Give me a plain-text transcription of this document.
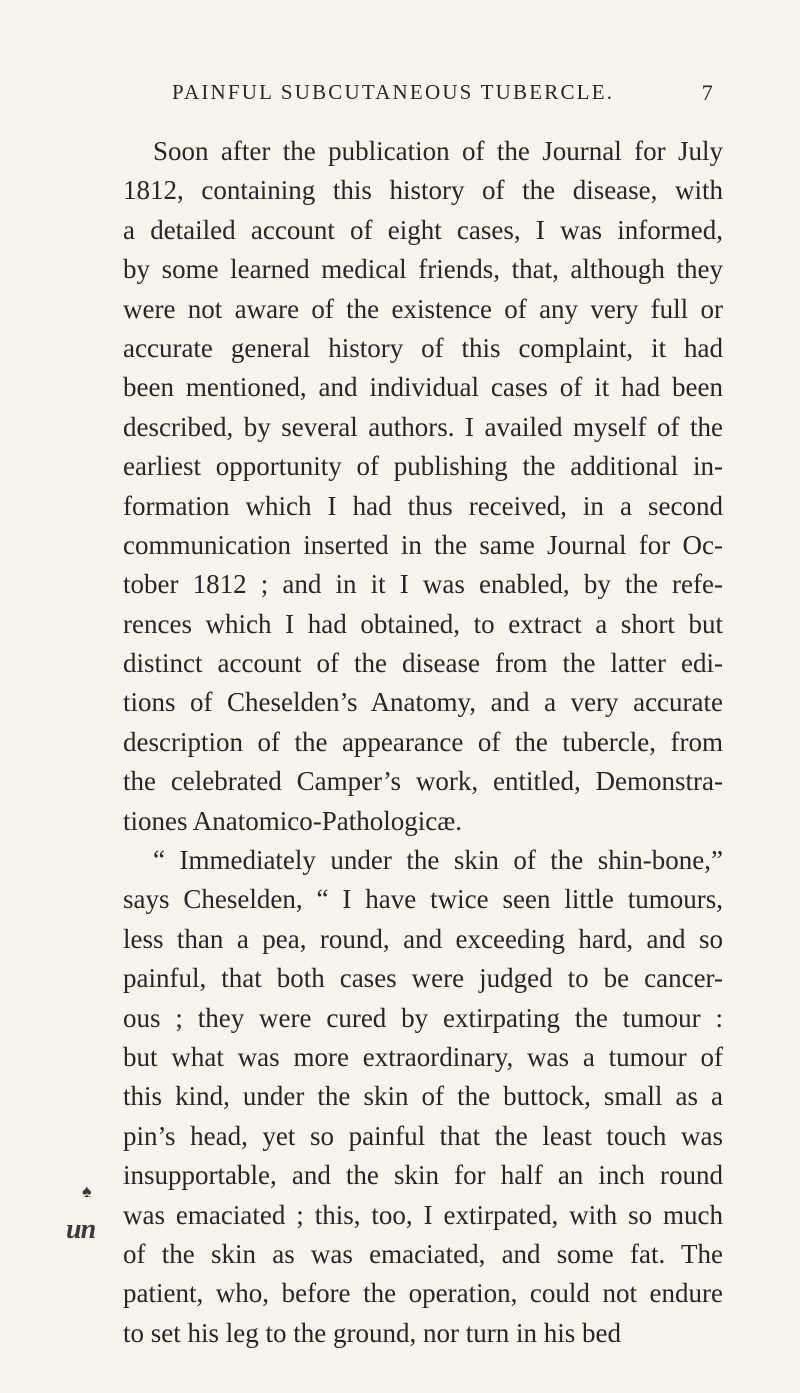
PAINFUL SUBCUTANEOUS TUBERCLE.	7
Soon after the publication of the Journal for July
1812, containing this history of the disease, with
a detailed account of eight cases, I was informed,
by some learned medical friends, that, although they
were not aware of the existence of any very full or
accurate general history of this complaint, it had
been mentioned, and individual cases of it had been
described, by several authors. I availed myself of the
earliest opportunity of publishing the additional in-
formation which I had thus received, in a second
communication inserted in the same Journal for Oc-
tober 1812 ; and in it I was enabled, by the refe-
rences which I had obtained, to extract a short but
distinct account of the disease from the latter edi-
tions of Cheselden’s Anatomy, and a very accurate
description of the appearance of the tubercle, from
the celebrated Camper’s work, entitled, Demonstra-
tiones Anatomico-Pathologicæ.
“ Immediately under the skin of the shin-bone,”
says Cheselden, “ I have twice seen little tumours,
less than a pea, round, and exceeding hard, and so
painful, that both cases were judged to be cancer-
ous ; they were cured by extirpating the tumour :
but what was more extraordinary, was a tumour of
this kind, under the skin of the buttock, small as a
pin’s head, yet so painful that the least touch was
insupportable, and the skin for half an inch round
was emaciated ; this, too, I extirpated, with so much
of the skin as was emaciated, and some fat. The
patient, who, before the operation, could not endure
to set his leg to the ground, nor turn in his bed
♠
un
